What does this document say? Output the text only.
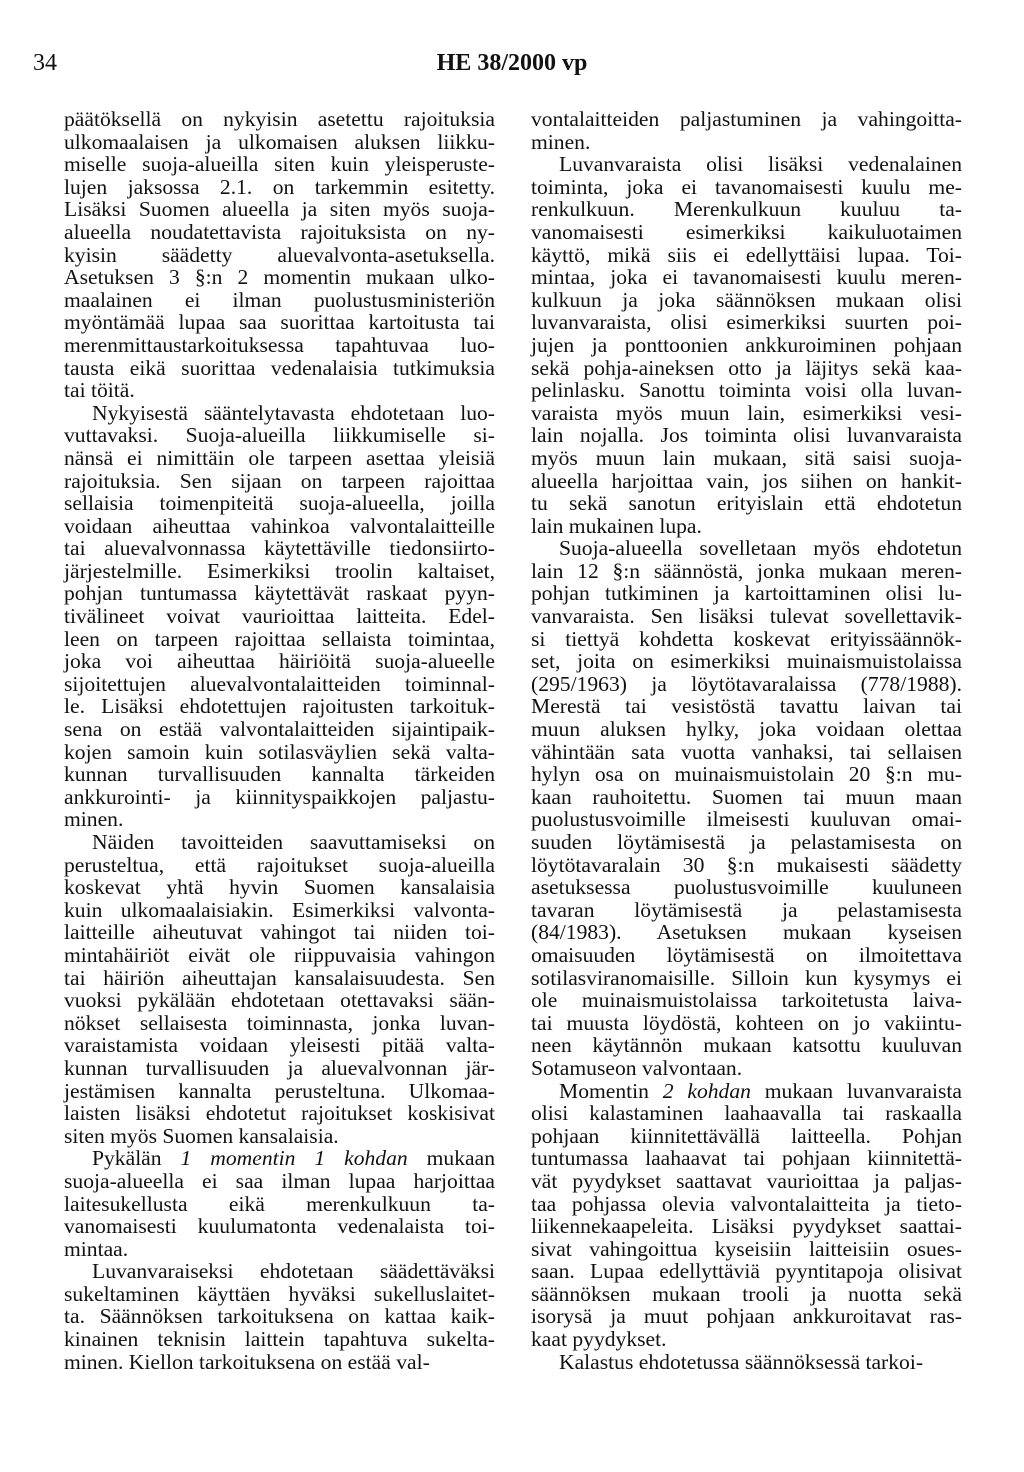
34	HE 38/2000 vp
päätöksellä on nykyisin asetettu rajoituksia
ulkomaalaisen ja ulkomaisen aluksen liikku-
miselle suoja-alueilla siten kuin yleisperuste-
lujen jaksossa 2.1. on tarkemmin esitetty.
Lisäksi Suomen alueella ja siten myös suoja-
alueella noudatettavista rajoituksista on ny-
kyisin säädetty aluevalvonta-asetuksella.
Asetuksen 3 §:n 2 momentin mukaan ulko-
maalainen ei ilman puolustusministeriön
myöntämää lupaa saa suorittaa kartoitusta tai
merenmittaustarkoituksessa tapahtuvaa luo-
tausta eikä suorittaa vedenalaisia tutkimuksia
tai töitä.
Nykyisestä sääntelytavasta ehdotetaan luo-
vuttavaksi. Suoja-alueilla liikkumiselle si-
nänsä ei nimittäin ole tarpeen asettaa yleisiä
rajoituksia. Sen sijaan on tarpeen rajoittaa
sellaisia toimenpiteitä suoja-alueella, joilla
voidaan aiheuttaa vahinkoa valvontalaitteille
tai aluevalvonnassa käytettäville tiedonsiirto-
järjestelmille. Esimerkiksi troolin kaltaiset,
pohjan tuntumassa käytettävät raskaat pyyn-
tivälineet voivat vaurioittaa laitteita. Edel-
leen on tarpeen rajoittaa sellaista toimintaa,
joka voi aiheuttaa häiriöitä suoja-alueelle
sijoitettujen aluevalvontalaitteiden toiminnal-
le. Lisäksi ehdotettujen rajoitusten tarkoituk-
sena on estää valvontalaitteiden sijaintipaik-
kojen samoin kuin sotilasväylien sekä valta-
kunnan turvallisuuden kannalta tärkeiden
ankkurointi- ja kiinnityspaikkojen paljastu-
minen.
Näiden tavoitteiden saavuttamiseksi on
perusteltua, että rajoitukset suoja-alueilla
koskevat yhtä hyvin Suomen kansalaisia
kuin ulkomaalaisiakin. Esimerkiksi valvonta-
laitteille aiheutuvat vahingot tai niiden toi-
mintahäiriöt eivät ole riippuvaisia vahingon
tai häiriön aiheuttajan kansalaisuudesta. Sen
vuoksi pykälään ehdotetaan otettavaksi sään-
nökset sellaisesta toiminnasta, jonka luvan-
varaistamista voidaan yleisesti pitää valta-
kunnan turvallisuuden ja aluevalvonnan jär-
jestämisen kannalta perusteltuna. Ulkomaa-
laisten lisäksi ehdotetut rajoitukset koskisivat
siten myös Suomen kansalaisia.
Pykälän 1 momentin 1 kohdan mukaan
suoja-alueella ei saa ilman lupaa harjoittaa
laitesukellusta eikä merenkulkuun ta-
vanomaisesti kuulumatonta vedenalaista toi-
mintaa.
Luvanvaraiseksi ehdotetaan säädettäväksi
sukeltaminen käyttäen hyväksi sukelluslaitet-
ta. Säännöksen tarkoituksena on kattaa kaik-
kinainen teknisin laittein tapahtuva sukelta-
minen. Kiellon tarkoituksena on estää val-
vontalaitteiden paljastuminen ja vahingoitta-
minen.
Luvanvaraista olisi lisäksi vedenalainen
toiminta, joka ei tavanomaisesti kuulu me-
renkulkuun. Merenkulkuun kuuluu ta-
vanomaisesti esimerkiksi kaikuluotaimen
käyttö, mikä siis ei edellyttäisi lupaa. Toi-
mintaa, joka ei tavanomaisesti kuulu meren-
kulkuun ja joka säännöksen mukaan olisi
luvanvaraista, olisi esimerkiksi suurten poi-
jujen ja ponttoonien ankkuroiminen pohjaan
sekä pohja-aineksen otto ja läjitys sekä kaa-
pelinlasku. Sanottu toiminta voisi olla luvan-
varaista myös muun lain, esimerkiksi vesi-
lain nojalla. Jos toiminta olisi luvanvaraista
myös muun lain mukaan, sitä saisi suoja-
alueella harjoittaa vain, jos siihen on hankit-
tu sekä sanotun erityislain että ehdotetun
lain mukainen lupa.
Suoja-alueella sovelletaan myös ehdotetun
lain 12 §:n säännöstä, jonka mukaan meren-
pohjan tutkiminen ja kartoittaminen olisi lu-
vanvaraista. Sen lisäksi tulevat sovellettavik-
si tiettyä kohdetta koskevat erityissäännök-
set, joita on esimerkiksi muinaismuistolaissa
(295/1963) ja löytötavaralaissa (778/1988).
Merestä tai vesistöstä tavattu laivan tai
muun aluksen hylky, joka voidaan olettaa
vähintään sata vuotta vanhaksi, tai sellaisen
hylyn osa on muinaismuistolain 20 §:n mu-
kaan rauhoitettu. Suomen tai muun maan
puolustusvoimille ilmeisesti kuuluvan omai-
suuden löytämisestä ja pelastamisesta on
löytötavaralain 30 §:n mukaisesti säädetty
asetuksessa puolustusvoimille kuuluneen
tavaran löytämisestä ja pelastamisesta
(84/1983). Asetuksen mukaan kyseisen
omaisuuden löytämisestä on ilmoitettava
sotilasviranomaisille. Silloin kun kysymys ei
ole muinaismuistolaissa tarkoitetusta laiva-
tai muusta löydöstä, kohteen on jo vakiintu-
neen käytännön mukaan katsottu kuuluvan
Sotamuseon valvontaan.
Momentin 2 kohdan mukaan luvanvaraista
olisi kalastaminen laahaavalla tai raskaalla
pohjaan kiinnitettävällä laitteella. Pohjan
tuntumassa laahaavat tai pohjaan kiinnitettä-
vät pyydykset saattavat vaurioittaa ja paljas-
taa pohjassa olevia valvontalaitteita ja tieto-
liikennekaapeleita. Lisäksi pyydykset saattai-
sivat vahingoittua kyseisiin laitteisiin osues-
saan. Lupaa edellyttäviä pyyntitapoja olisivat
säännöksen mukaan trooli ja nuotta sekä
isorysä ja muut pohjaan ankkuroitavat ras-
kaat pyydykset.
Kalastus ehdotetussa säännöksessä tarkoi-
